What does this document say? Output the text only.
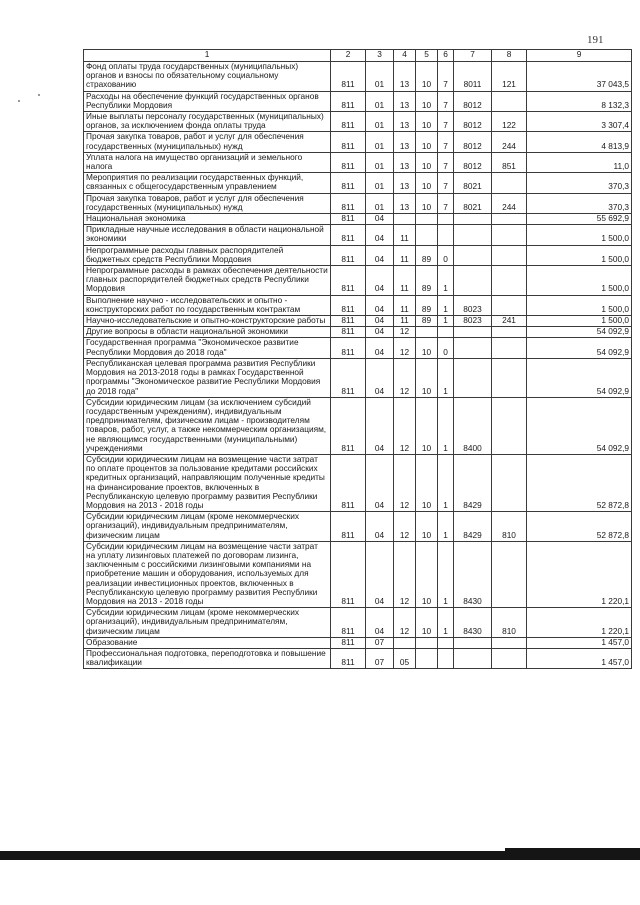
191
1	2	3	4	5	6	7	8	9
Фонд оплаты труда государственных (муниципальных) органов и взносы по обязательному социальному страхованию	811	01	13	10	7	8011	121	37 043,5
Расходы на обеспечение функций государственных органов Республики Мордовия	811	01	13	10	7	8012		8 132,3
Иные выплаты персоналу государственных (муниципальных) органов, за исключением фонда оплаты труда	811	01	13	10	7	8012	122	3 307,4
Прочая закупка товаров, работ и услуг для обеспечения государственных (муниципальных) нужд	811	01	13	10	7	8012	244	4 813,9
Уплата налога на имущество организаций и земельного налога	811	01	13	10	7	8012	851	11,0
Мероприятия по реализации государственных функций, связанных с общегосударственным управлением	811	01	13	10	7	8021		370,3
Прочая закупка товаров, работ и услуг для обеспечения государственных (муниципальных) нужд	811	01	13	10	7	8021	244	370,3
Национальная экономика	811	04						55 692,9
Прикладные научные исследования в области национальной экономики	811	04	11					1 500,0
Непрограммные расходы главных распорядителей бюджетных средств Республики Мордовия	811	04	11	89	0			1 500,0
Непрограммные расходы в рамках обеспечения деятельности главных распорядителей бюджетных средств Республики Мордовия	811	04	11	89	1			1 500,0
Выполнение научно - исследовательских и опытно - конструкторских работ по государственным контрактам	811	04	11	89	1	8023		1 500,0
Научно-исследовательские и опытно-конструкторские работы	811	04	11	89	1	8023	241	1 500,0
Другие вопросы в области национальной экономики	811	04	12					54 092,9
Государственная программа "Экономическое развитие Республики Мордовия до 2018 года"	811	04	12	10	0			54 092,9
Республиканская целевая программа развития Республики Мордовия на 2013-2018 годы в рамках Государственной программы "Экономическое развитие Республики Мордовия до 2018 года"	811	04	12	10	1			54 092,9
Субсидии юридическим лицам (за исключением субсидий государственным учреждениям), индивидуальным предпринимателям, физическим лицам - производителям товаров, работ, услуг, а также некоммерческим организациям, не являющимся государственными (муниципальными) учреждениями	811	04	12	10	1	8400		54 092,9
Субсидии юридическим лицам на возмещение части затрат по оплате процентов за пользование кредитами российских кредитных организаций, направляющим полученные кредиты на финансирование проектов, включенных в Республиканскую целевую программу развития Республики Мордовия на 2013 - 2018 годы	811	04	12	10	1	8429		52 872,8
Субсидии юридическим лицам (кроме некоммерческих организаций), индивидуальным предпринимателям, физическим лицам	811	04	12	10	1	8429	810	52 872,8
Субсидии юридическим лицам на возмещение части затрат на уплату лизинговых платежей по договорам лизинга, заключенным с российскими лизинговыми компаниями на приобретение машин и оборудования, используемых для реализации инвестиционных проектов, включенных в Республиканскую целевую программу развития Республики Мордовия на 2013 - 2018 годы	811	04	12	10	1	8430		1 220,1
Субсидии юридическим лицам (кроме некоммерческих организаций), индивидуальным предпринимателям, физическим лицам	811	04	12	10	1	8430	810	1 220,1
Образование	811	07						1 457,0
Профессиональная подготовка, переподготовка и повышение квалификации	811	07	05					1 457,0
